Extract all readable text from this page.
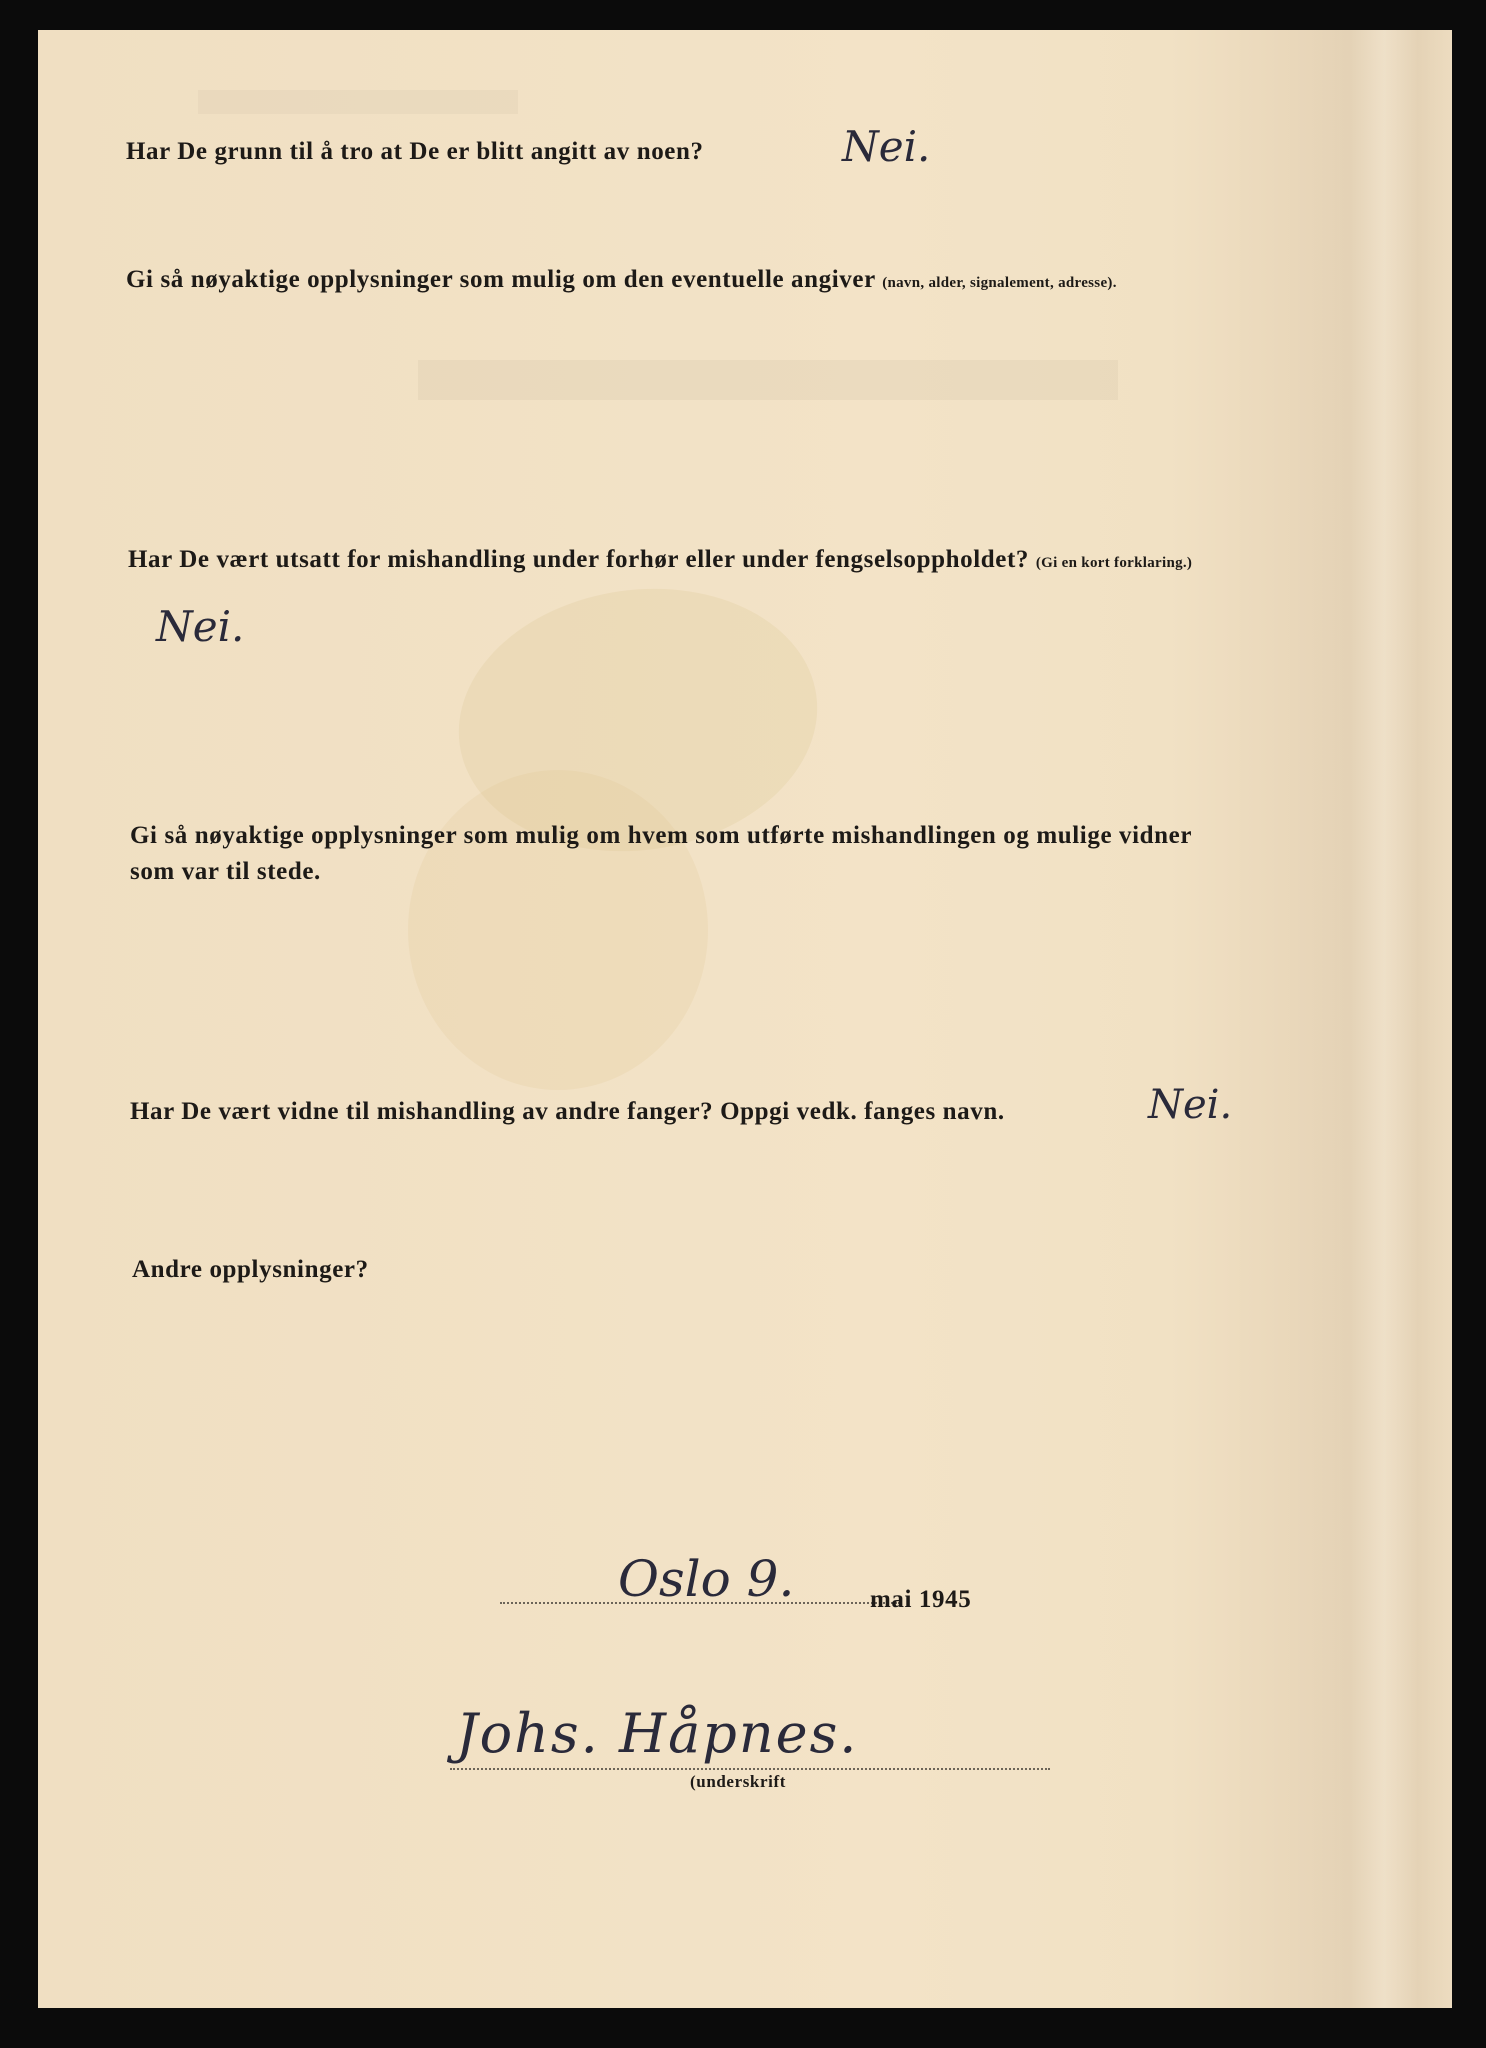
Har De grunn til å tro at De er blitt angitt av noen?	Nei.
Gi så nøyaktige opplysninger som mulig om den eventuelle angiver (navn, alder, signalement, adresse).
Har De vært utsatt for mishandling under forhør eller under fengselsoppholdet? (Gi en kort forklaring.)
Nei.
Gi så nøyaktige opplysninger som mulig om hvem som utførte mishandlingen og mulige vidner
som var til stede.
Har De vært vidne til mishandling av andre fanger? Oppgi vedk. fanges navn.	Nei.
Andre opplysninger?
Oslo 9.	mai 1945
Johs. Håpnes.
(underskrift
